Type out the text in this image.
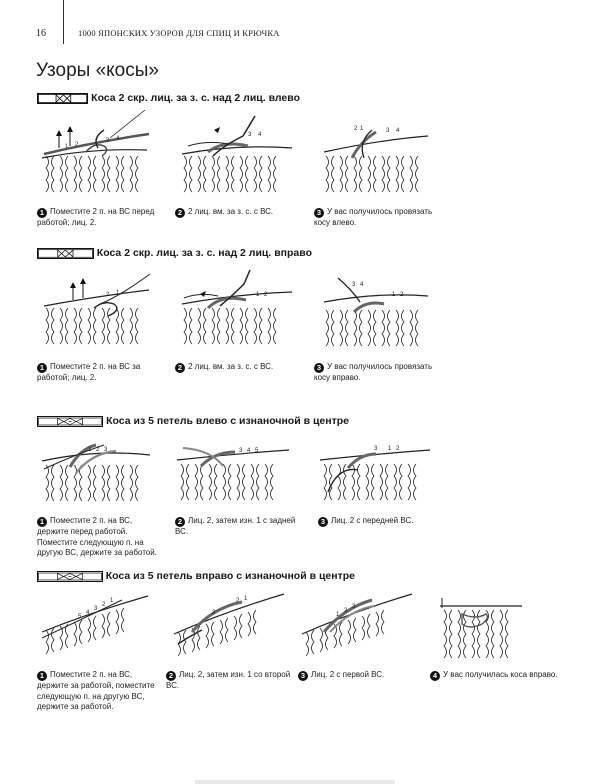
16	1000 ЯПОНСКИХ УЗОРОВ ДЛЯ СПИЦ И КРЮЧКА
Узоры «косы»
Коса 2 скр. лиц. за з. с. над 2 лиц. влево
1 2
3 4
3 4
2 1	3 4
1 Поместите 2 п. на ВС перед работой; лиц. 2.
2 2 лиц. вм. за з. с. с ВС.	3 У вас получилось провязать косу влево.
Коса 2 скр. лиц. за з. с. над 2 лиц. вправо
2 1	1 2
3 4
1 2
1 Поместите 2 п. на ВС за работой; лиц. 2.
2 2 лиц. вм. за з. с. с ВС.	3 У вас получилось провязать косу вправо.
Коса из 5 петель влево с изнаночной в центре
1 2 3	3 4 5	3 1 2
1 Поместите 2 п. на ВС, держите перед работой. Поместите следующую п. на другую ВС, держите за работой.
2 Лиц. 2, затем изн. 1 с задней ВС.
3 Лиц. 2 с передней ВС.
Коса из 5 петель вправо с изнаночной в центре
5
4
3
2
1
3
2 1
1
2
3
1 Поместите 2 п. на ВС, держите за работой, поместите следующую п. на другую ВС, держите за работой.
2 Лиц. 2, затем изн. 1 со второй ВС.
3 Лиц. 2 с первой ВС.	4 У вас получилась коса вправо.
